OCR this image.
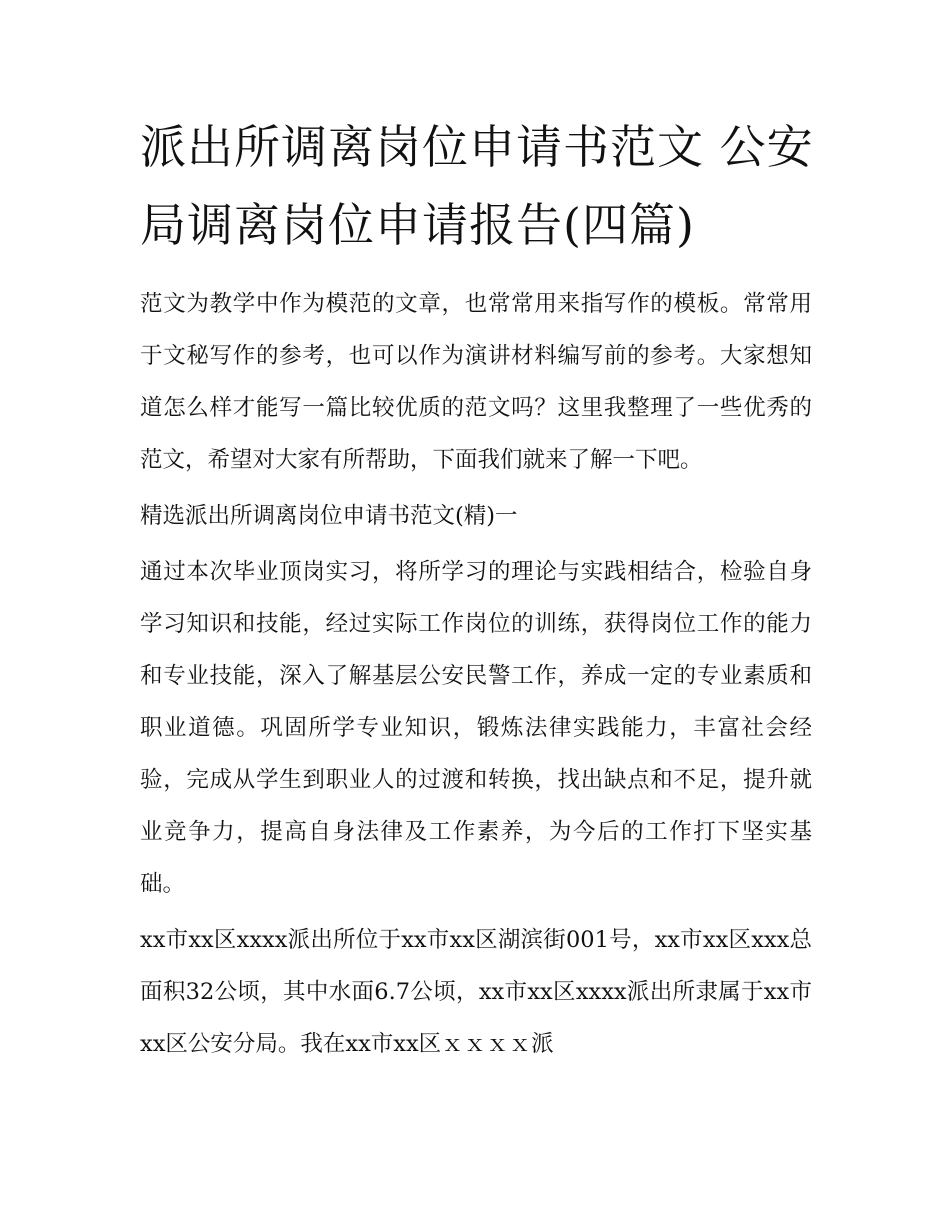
派出所调离岗位申请书范文 公安局调离岗位申请报告(四篇)

范文为教学中作为模范的文章，也常常用来指写作的模板。常常用于文秘写作的参考，也可以作为演讲材料编写前的参考。大家想知道怎么样才能写一篇比较优质的范文吗？这里我整理了一些优秀的范文，希望对大家有所帮助，下面我们就来了解一下吧。

精选派出所调离岗位申请书范文(精)一

通过本次毕业顶岗实习，将所学习的理论与实践相结合，检验自身学习知识和技能，经过实际工作岗位的训练，获得岗位工作的能力和专业技能，深入了解基层公安民警工作，养成一定的专业素质和职业道德。巩固所学专业知识，锻炼法律实践能力，丰富社会经验，完成从学生到职业人的过渡和转换，找出缺点和不足，提升就业竞争力，提高自身法律及工作素养，为今后的工作打下坚实基础。

xx市xx区xxxx派出所位于xx市xx区湖滨街001号，xx市xx区xxx总面积32公顷，其中水面6.7公顷，xx市xx区xxxx派出所隶属于xx市xx区公安分局。我在xx市xx区ｘｘｘｘ派
